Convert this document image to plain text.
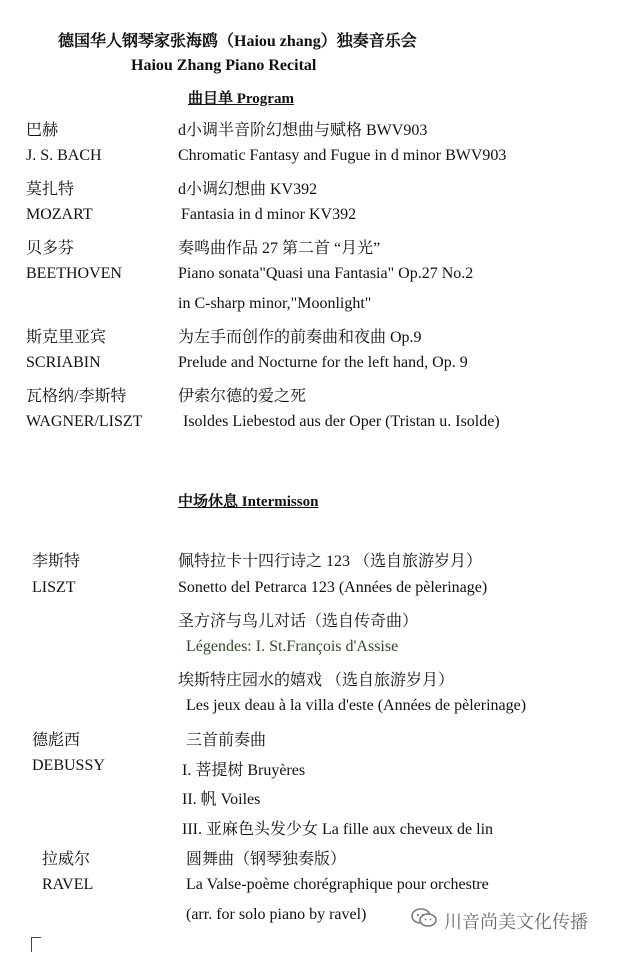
德国华人钢琴家张海鸥（Haiou zhang）独奏音乐会
Haiou Zhang Piano Recital
曲目单 Program
巴赫	d小调半音阶幻想曲与赋格 BWV903
J. S. BACH	Chromatic Fantasy and Fugue in d minor BWV903
莫扎特	d小调幻想曲 KV392
MOZART	Fantasia in d minor KV392
贝多芬	奏鸣曲作品 27 第二首 “月光”
BEETHOVEN	Piano sonata"Quasi una Fantasia" Op.27 No.2
in C-sharp minor,"Moonlight"
斯克里亚宾	为左手而创作的前奏曲和夜曲 Op.9
SCRIABIN	Prelude and Nocturne for the left hand, Op. 9
瓦格纳/李斯特	伊索尔德的爱之死
WAGNER/LISZT	Isoldes Liebestod aus der Oper (Tristan u. Isolde)
中场休息 Intermisson
李斯特	佩特拉卡十四行诗之 123 （选自旅游岁月）
LISZT	Sonetto del Petrarca 123 (Années de pèlerinage)
圣方济与鸟儿对话（选自传奇曲）
Légendes: I. St.François d'Assise
埃斯特庄园水的嬉戏 （选自旅游岁月）
Les jeux deau à la villa d'este (Années de pèlerinage)
德彪西	三首前奏曲
DEBUSSY	I. 菩提树 Bruyères
II. 帆 Voiles
III. 亚麻色头发少女 La fille aux cheveux de lin
拉威尔	圆舞曲（钢琴独奏版）
RAVEL	La Valse-poème chorégraphique pour orchestre
(arr. for solo piano by ravel)	川音尚美文化传播
